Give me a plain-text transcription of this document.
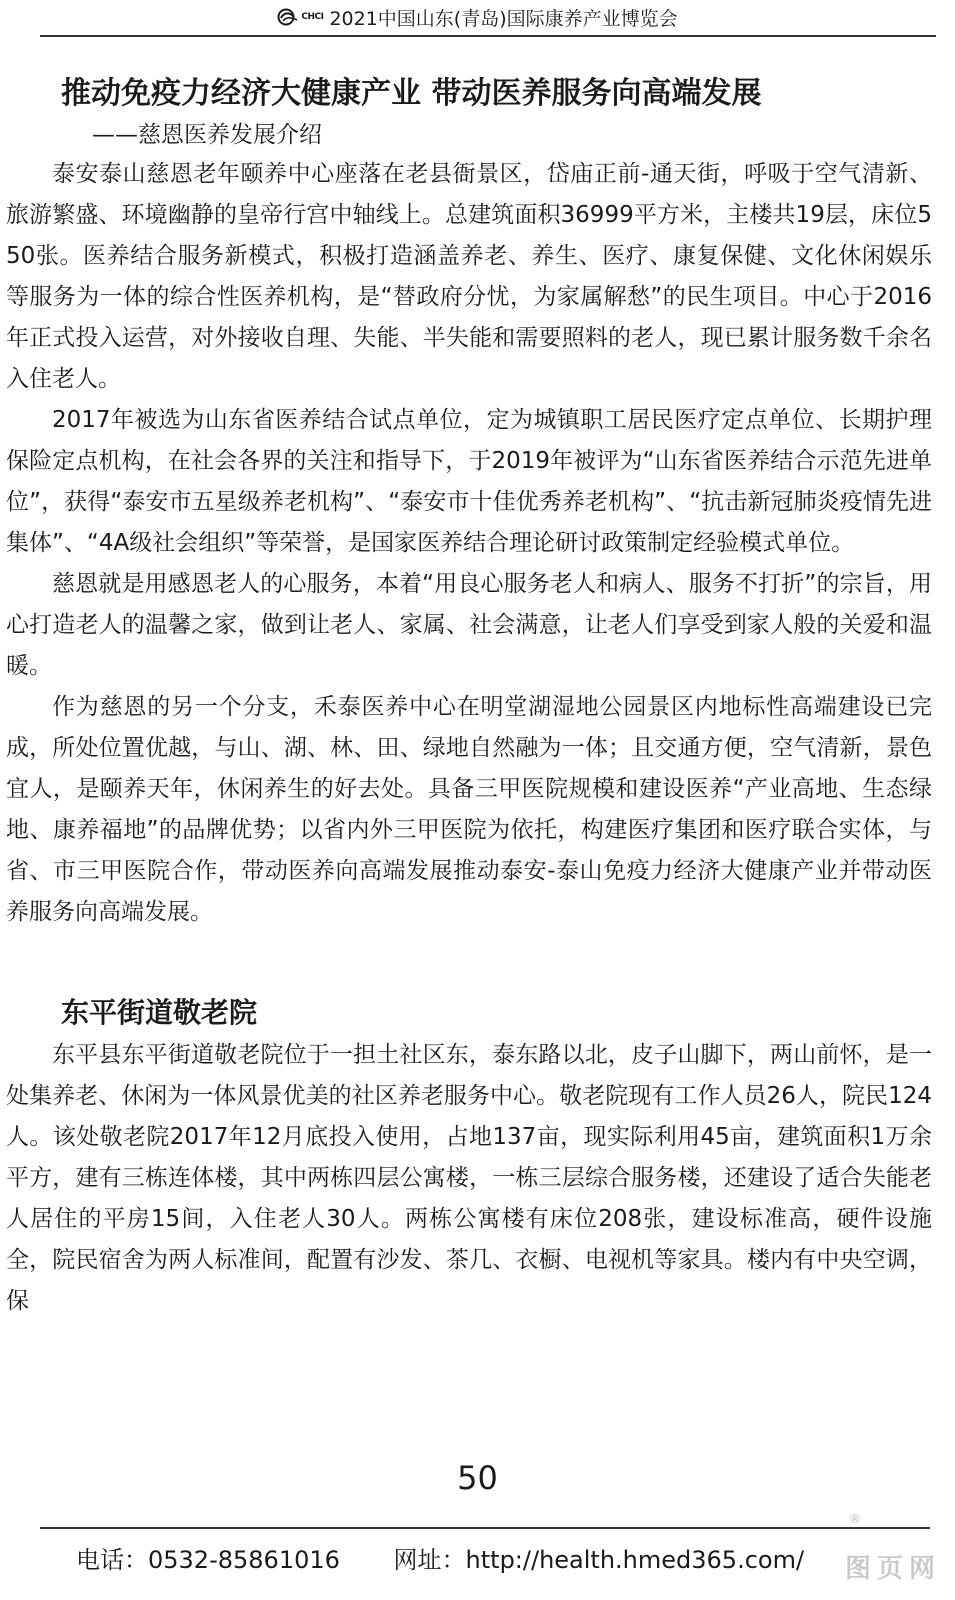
CHCI 2021中国山东(青岛)国际康养产业博览会
推动免疫力经济大健康产业 带动医养服务向高端发展
——慈恩医养发展介绍

泰安泰山慈恩老年颐养中心座落在老县衙景区，岱庙正前-通天街，呼吸于空气清新、旅游繁盛、环境幽静的皇帝行宫中轴线上。总建筑面积36999平方米，主楼共19层，床位550张。医养结合服务新模式，积极打造涵盖养老、养生、医疗、康复保健、文化休闲娱乐等服务为一体的综合性医养机构，是“替政府分忧，为家属解愁”的民生项目。中心于2016年正式投入运营，对外接收自理、失能、半失能和需要照料的老人，现已累计服务数千余名入住老人。

2017年被选为山东省医养结合试点单位，定为城镇职工居民医疗定点单位、长期护理保险定点机构，在社会各界的关注和指导下，于2019年被评为“山东省医养结合示范先进单位”，获得“泰安市五星级养老机构”、“泰安市十佳优秀养老机构”、“抗击新冠肺炎疫情先进集体”、“4A级社会组织”等荣誉，是国家医养结合理论研讨政策制定经验模式单位。

慈恩就是用感恩老人的心服务，本着“用良心服务老人和病人、服务不打折”的宗旨，用心打造老人的温馨之家，做到让老人、家属、社会满意，让老人们享受到家人般的关爱和温暖。

作为慈恩的另一个分支，禾泰医养中心在明堂湖湿地公园景区内地标性高端建设已完成，所处位置优越，与山、湖、林、田、绿地自然融为一体；且交通方便，空气清新，景色宜人，是颐养天年，休闲养生的好去处。具备三甲医院规模和建设医养“产业高地、生态绿地、康养福地”的品牌优势；以省内外三甲医院为依托，构建医疗集团和医疗联合实体，与省、市三甲医院合作，带动医养向高端发展推动泰安-泰山免疫力经济大健康产业并带动医养服务向高端发展。

东平街道敬老院

东平县东平街道敬老院位于一担土社区东，泰东路以北，皮子山脚下，两山前怀，是一处集养老、休闲为一体风景优美的社区养老服务中心。敬老院现有工作人员26人，院民124人。该处敬老院2017年12月底投入使用，占地137亩，现实际利用45亩，建筑面积1万余平方，建有三栋连体楼，其中两栋四层公寓楼，一栋三层综合服务楼，还建设了适合失能老人居住的平房15间，入住老人30人。两栋公寓楼有床位208张，建设标准高，硬件设施全，院民宿舍为两人标准间，配置有沙发、茶几、衣橱、电视机等家具。楼内有中央空调，保

50
®
电话：0532-85861016 网址：http://health.hmed365.com/ 图页网
